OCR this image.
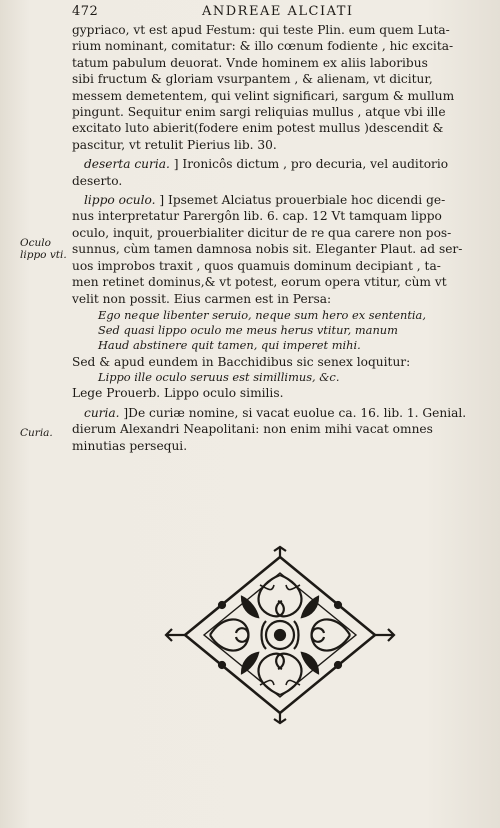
472	ANDREAE ALCIATI
Oculo lippo vti.
Curia.

gypriaco, vt est apud Festum: qui teste Plin. eum quem Luta-

rium nominant, comitatur: & illo cœnum fodiente , hic excita-

tatum pabulum deuorat. Vnde hominem ex aliis laboribus

sibi fructum & gloriam vsurpantem , & alienam, vt dicitur,

messem demetentem, qui velint significari, sargum & mullum

pingunt. Sequitur enim sargi reliquias mullus , atque vbi ille

excitato luto abierit(fodere enim potest mullus )descendit &

pascitur, vt retulit Pierius lib. 30.

deserta curia. ] Ironicôs dictum , pro decuria, vel auditorio

deserto.

lippo oculo. ] Ipsemet Alciatus prouerbiale hoc dicendi ge-

nus interpretatur Parergôn lib. 6. cap. 12 Vt tamquam lippo

oculo, inquit, prouerbialiter dicitur de re qua carere non pos-

sunnus, cùm tamen damnosa nobis sit. Eleganter Plaut. ad ser-

uos improbos traxit , quos quamuis dominum decipiant , ta-

men retinet dominus,& vt potest, eorum opera vtitur, cùm vt

velit non possit. Eius carmen est in Persa:

Ego neque libenter seruio, neque sum hero ex sententia,

Sed quasi lippo oculo me meus herus vtitur, manum

Haud abstinere quit tamen, qui imperet mihi.

Sed & apud eundem in Bacchidibus sic senex loquitur:

Lippo ille oculo seruus est simillimus, &c.

Lege Prouerb. Lippo oculo similis.

curia. ]De curiæ nomine, si vacat euolue ca. 16. lib. 1. Genial.

dierum Alexandri Neapolitani: non enim mihi vacat omnes

minutias persequi.
